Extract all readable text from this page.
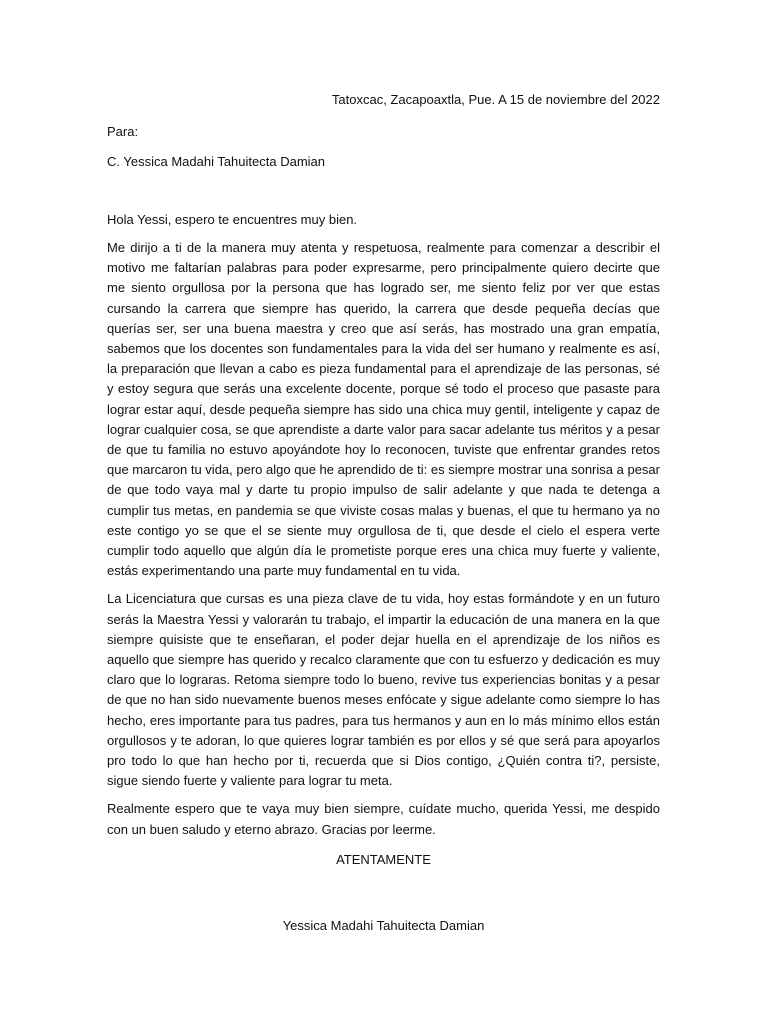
Tatoxcac, Zacapoaxtla, Pue. A 15 de noviembre del 2022

Para:

C. Yessica Madahi Tahuitecta Damian

Hola Yessi, espero te encuentres muy bien.

Me dirijo a ti de la manera muy atenta y respetuosa, realmente para comenzar a describir el motivo me faltarían palabras para poder expresarme, pero principalmente quiero decirte que me siento orgullosa por la persona que has logrado ser, me siento feliz por ver que estas cursando la carrera que siempre has querido, la carrera que desde pequeña decías que querías ser, ser una buena maestra y creo que así serás, has mostrado una gran empatía, sabemos que los docentes son fundamentales para la vida del ser humano y realmente es así, la preparación que llevan a cabo es pieza fundamental para el aprendizaje de las personas, sé y estoy segura que serás una excelente docente, porque sé todo el proceso que pasaste para lograr estar aquí, desde pequeña siempre has sido una chica muy gentil, inteligente y capaz de lograr cualquier cosa, se que aprendiste a darte valor para sacar adelante tus méritos y a pesar de que tu familia no estuvo apoyándote hoy lo reconocen, tuviste que enfrentar grandes retos que marcaron tu vida, pero algo que he aprendido de ti: es siempre mostrar una sonrisa a pesar de que todo vaya mal y darte tu propio impulso de salir adelante y que nada te detenga a cumplir tus metas, en pandemia se que viviste cosas malas y buenas, el que tu hermano ya no este contigo yo se que el se siente muy orgullosa de ti, que desde el cielo el espera verte cumplir todo aquello que algún día le prometiste porque eres una chica muy fuerte y valiente, estás experimentando una parte muy fundamental en tu vida.

La Licenciatura que cursas es una pieza clave de tu vida, hoy estas formándote y en un futuro serás la Maestra Yessi y valorarán tu trabajo, el impartir la educación de una manera en la que siempre quisiste que te enseñaran, el poder dejar huella en el aprendizaje de los niños es aquello que siempre has querido y recalco claramente que con tu esfuerzo y dedicación es muy claro que lo lograras. Retoma siempre todo lo bueno, revive tus experiencias bonitas y a pesar de que no han sido nuevamente buenos meses enfócate y sigue adelante como siempre lo has hecho, eres importante para tus padres, para tus hermanos y aun en lo más mínimo ellos están orgullosos y te adoran, lo que quieres lograr también es por ellos y sé que será para apoyarlos pro todo lo que han hecho por ti, recuerda que si Dios contigo, ¿Quién contra ti?, persiste, sigue siendo fuerte y valiente para lograr tu meta.

Realmente espero que te vaya muy bien siempre, cuídate mucho, querida Yessi, me despido con un buen saludo y eterno abrazo. Gracias por leerme.

ATENTAMENTE

Yessica Madahi Tahuitecta Damian
